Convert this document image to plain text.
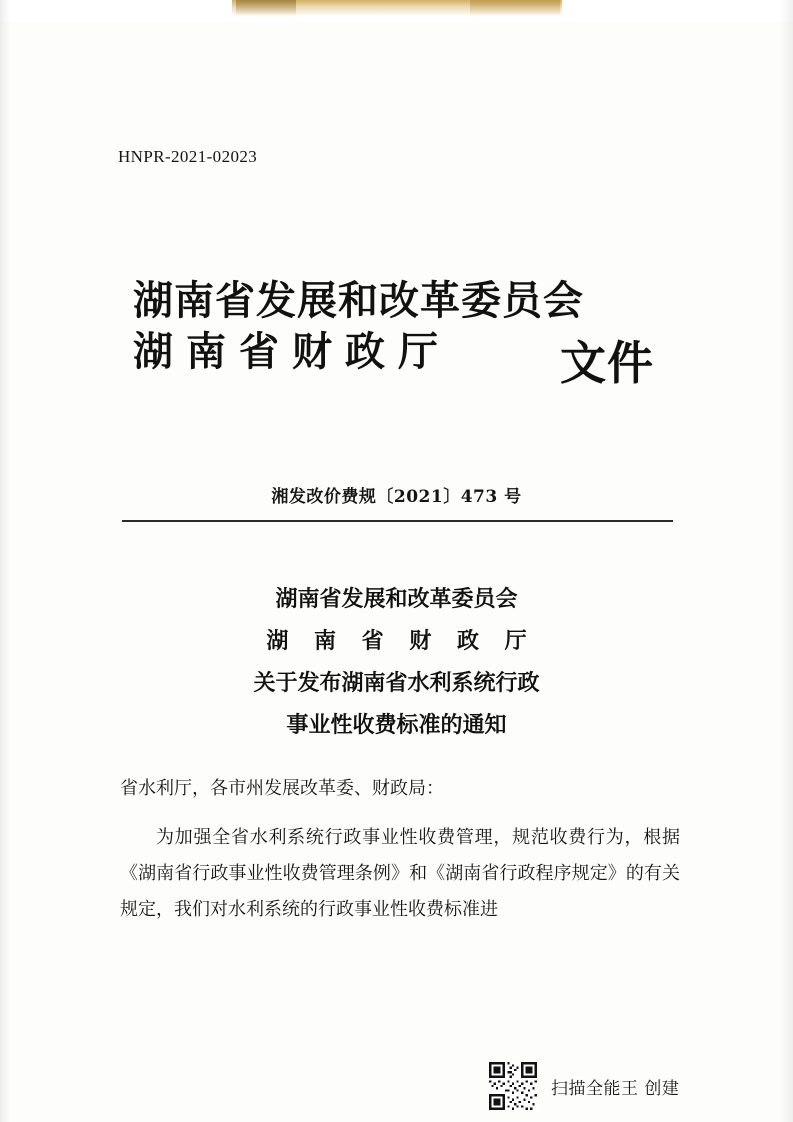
HNPR-2021-02023
湖南省发展和改革委员会
湖南省财政厅	文件
湘发改价费规〔2021〕473 号
湖南省发展和改革委员会
湖 南 省 财 政 厅
关于发布湖南省水利系统行政
事业性收费标准的通知
省水利厅，各市州发展改革委、财政局：
为加强全省水利系统行政事业性收费管理，规范收费行为，根据《湖南省行政事业性收费管理条例》和《湖南省行政程序规定》的有关规定，我们对水利系统的行政事业性收费标准进
扫描全能王 创建
